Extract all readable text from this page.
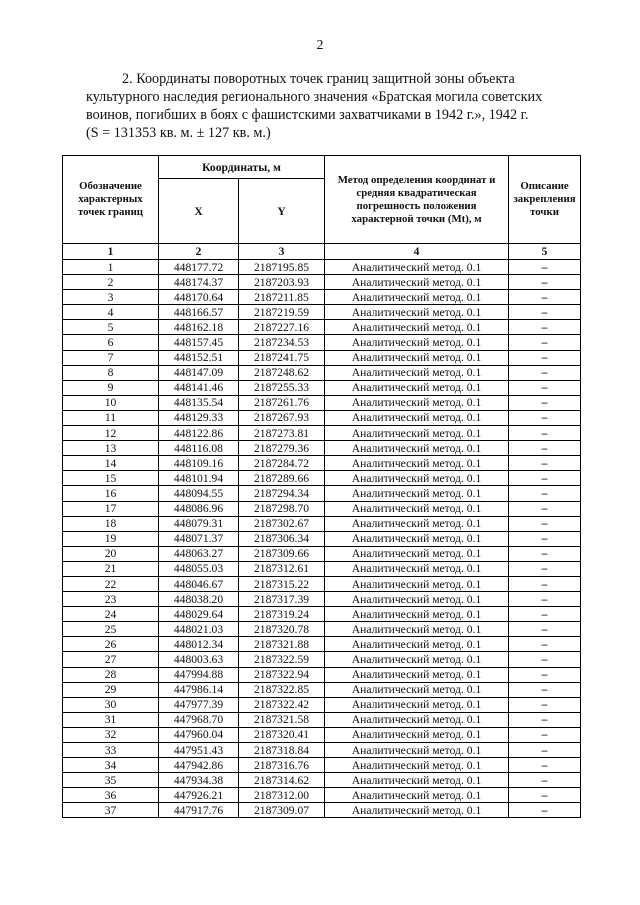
2

2. Координаты поворотных точек границ защитной зоны объекта

культурного наследия регионального значения «Братская могила советских

воинов, погибших в боях с фашистскими захватчиками в 1942 г.», 1942 г.

(S = 131353 кв. м. ± 127 кв. м.)

Обозначение характерных точек границ	Координаты, м		Метод определения координат и средняя квадратическая погрешность положения характерной точки (Mt), м	Описание закрепления точки
	X	Y		
1	2	3	4	5
1	448177.72	2187195.85	Аналитический метод. 0.1	–
2	448174.37	2187203.93	Аналитический метод. 0.1	–
3	448170.64	2187211.85	Аналитический метод. 0.1	–
4	448166.57	2187219.59	Аналитический метод. 0.1	–
5	448162.18	2187227.16	Аналитический метод. 0.1	–
6	448157.45	2187234.53	Аналитический метод. 0.1	–
7	448152.51	2187241.75	Аналитический метод. 0.1	–
8	448147.09	2187248.62	Аналитический метод. 0.1	–
9	448141.46	2187255.33	Аналитический метод. 0.1	–
10	448135.54	2187261.76	Аналитический метод. 0.1	–
11	448129.33	2187267.93	Аналитический метод. 0.1	–
12	448122.86	2187273.81	Аналитический метод. 0.1	–
13	448116.08	2187279.36	Аналитический метод. 0.1	–
14	448109.16	2187284.72	Аналитический метод. 0.1	–
15	448101.94	2187289.66	Аналитический метод. 0.1	–
16	448094.55	2187294.34	Аналитический метод. 0.1	–
17	448086.96	2187298.70	Аналитический метод. 0.1	–
18	448079.31	2187302.67	Аналитический метод. 0.1	–
19	448071.37	2187306.34	Аналитический метод. 0.1	–
20	448063.27	2187309.66	Аналитический метод. 0.1	–
21	448055.03	2187312.61	Аналитический метод. 0.1	–
22	448046.67	2187315.22	Аналитический метод. 0.1	–
23	448038.20	2187317.39	Аналитический метод. 0.1	–
24	448029.64	2187319.24	Аналитический метод. 0.1	–
25	448021.03	2187320.78	Аналитический метод. 0.1	–
26	448012.34	2187321.88	Аналитический метод. 0.1	–
27	448003.63	2187322.59	Аналитический метод. 0.1	–
28	447994.88	2187322.94	Аналитический метод. 0.1	–
29	447986.14	2187322.85	Аналитический метод. 0.1	–
30	447977.39	2187322.42	Аналитический метод. 0.1	–
31	447968.70	2187321.58	Аналитический метод. 0.1	–
32	447960.04	2187320.41	Аналитический метод. 0.1	–
33	447951.43	2187318.84	Аналитический метод. 0.1	–
34	447942.86	2187316.76	Аналитический метод. 0.1	–
35	447934.38	2187314.62	Аналитический метод. 0.1	–
36	447926.21	2187312.00	Аналитический метод. 0.1	–
37	447917.76	2187309.07	Аналитический метод. 0.1	–
